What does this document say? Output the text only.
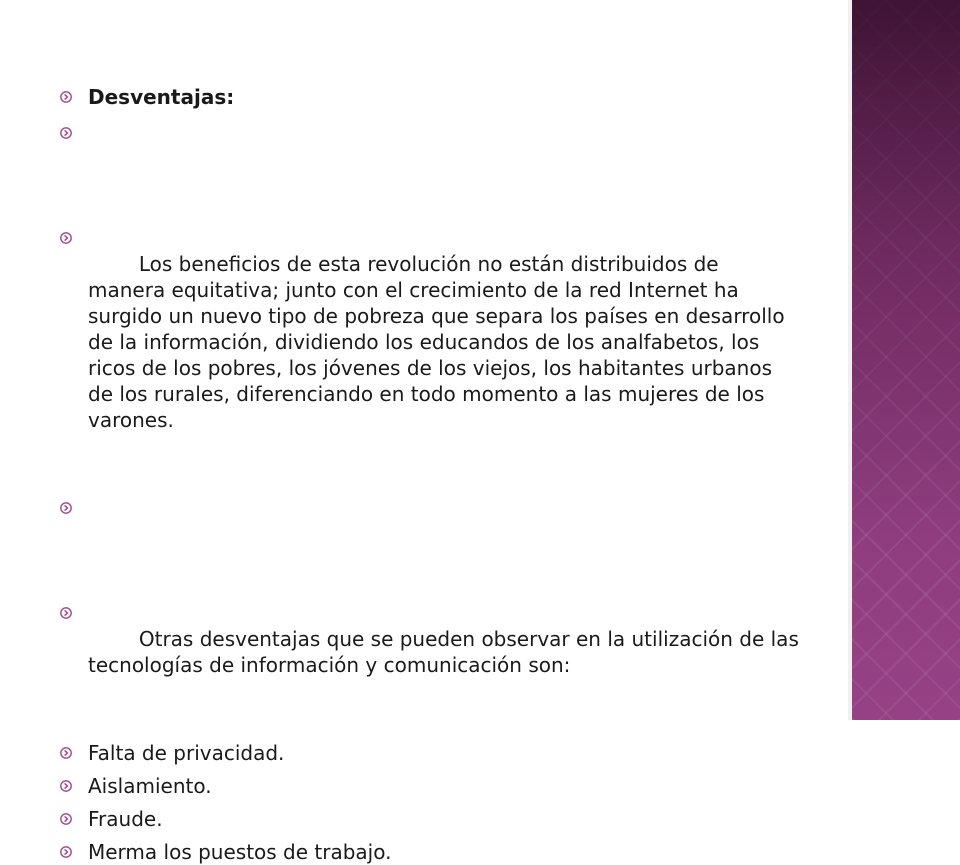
Desventajas:

Los beneficios de esta revolución no están distribuidos de manera equitativa; junto con el crecimiento de la red Internet ha surgido un nuevo tipo de pobreza que separa los países en desarrollo de la información, dividiendo los educandos de los analfabetos, los ricos de los pobres, los jóvenes de los viejos, los habitantes urbanos de los rurales, diferenciando en todo momento a las mujeres de los varones.

Otras desventajas que se pueden observar en la utilización de las tecnologías de información y comunicación son:

Falta de privacidad.
Aislamiento.
Fraude.
Merma los puestos de trabajo.
